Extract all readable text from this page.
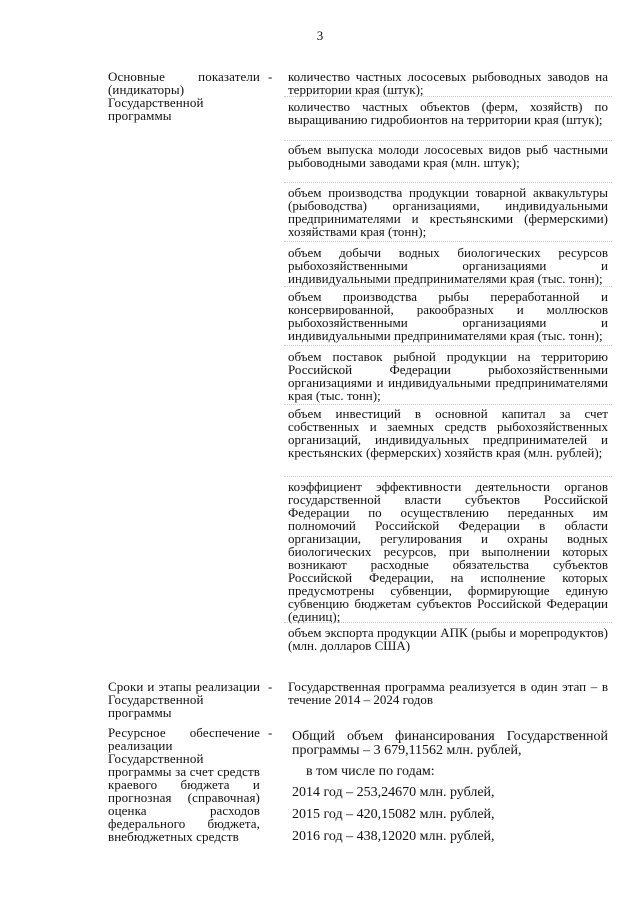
3
Основные показатели (индикаторы) Государственной программы
- количество частных лососевых рыбоводных заводов на территории края (штук);
количество частных объектов (ферм, хозяйств) по выращиванию гидробионтов на территории края (штук);
объем выпуска молоди лососевых видов рыб частными рыбоводными заводами края (млн. штук);
объем производства продукции товарной аквакультуры (рыбоводства) организациями, индивидуальными предпринимателями и крестьянскими (фермерскими) хозяйствами края (тонн);
объем добычи водных биологических ресурсов рыбохозяйственными организациями и индивидуальными предпринимателями края (тыс. тонн);
объем производства рыбы переработанной и консервированной, ракообразных и моллюсков рыбохозяйственными организациями и индивидуальными предпринимателями края (тыс. тонн);
объем поставок рыбной продукции на территорию Российской Федерации рыбохозяйственными организациями и индивидуальными предпринимателями края (тыс. тонн);
объем инвестиций в основной капитал за счет собственных и заемных средств рыбохозяйственных организаций, индивидуальных предпринимателей и крестьянских (фермерских) хозяйств края (млн. рублей);
коэффициент эффективности деятельности органов государственной власти субъектов Российской Федерации по осуществлению переданных им полномочий Российской Федерации в области организации, регулирования и охраны водных биологических ресурсов, при выполнении которых возникают расходные обязательства субъектов Российской Федерации, на исполнение которых предусмотрены субвенции, формирующие единую субвенцию бюджетам субъектов Российской Федерации (единиц);
объем экспорта продукции АПК (рыбы и морепродуктов) (млн. долларов США)
Сроки и этапы реализации Государственной программы
- Государственная программа реализуется в один этап – в течение 2014 – 2024 годов
Ресурсное обеспечение реализации Государственной программы за счет средств краевого бюджета и прогнозная (справочная) оценка расходов федерального бюджета, внебюджетных средств
- Общий объем финансирования Государственной программы – 3 679,11562 млн. рублей,
в том числе по годам:
2014 год – 253,24670 млн. рублей,
2015 год – 420,15082 млн. рублей,
2016 год – 438,12020 млн. рублей,
